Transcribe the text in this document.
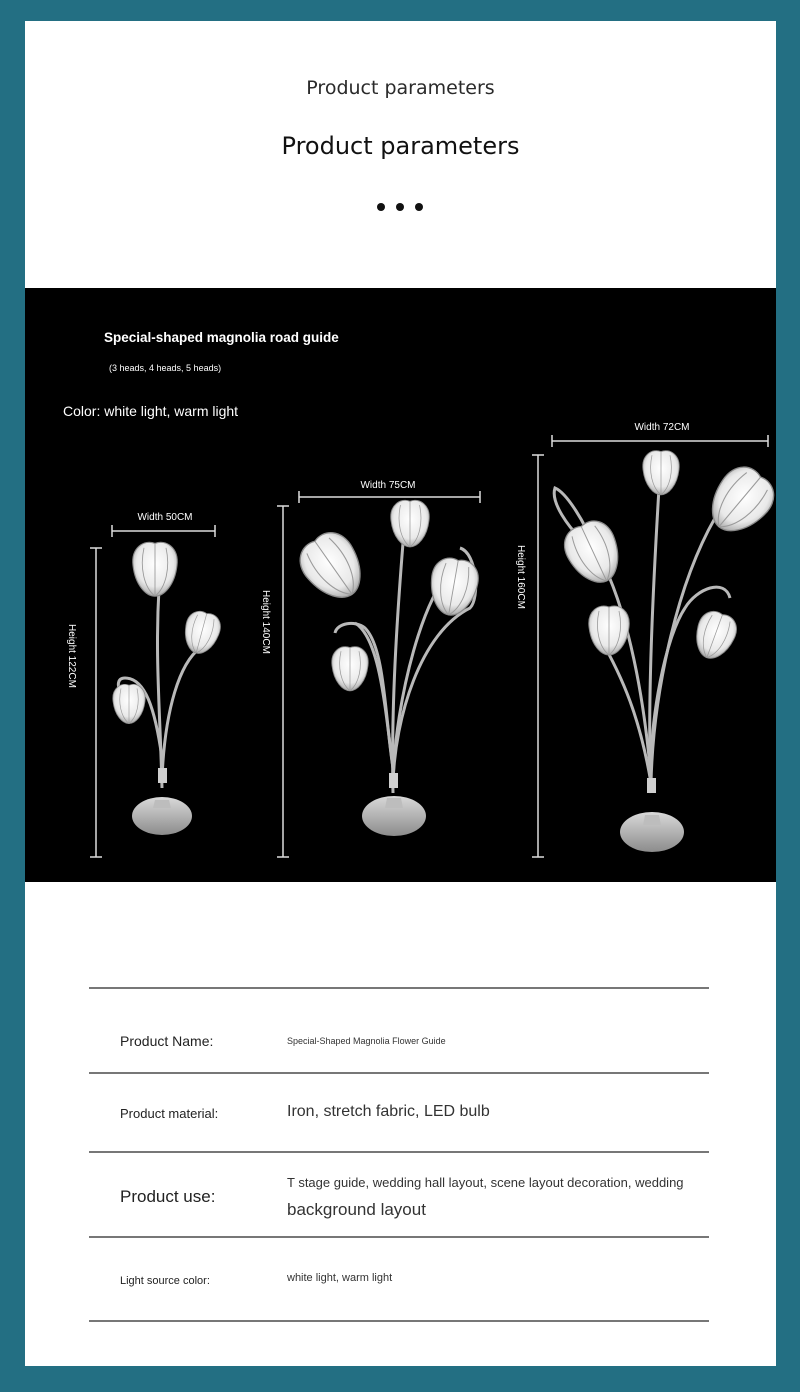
Product parameters
Product parameters
Width 50CM
Height 122CM
Width 75CM
Height 140CM
Width 72CM
Height 160CM
Special-shaped magnolia road guide
(3 heads, 4 heads, 5 heads)
Color: white light, warm light
Product Name:	Special-Shaped Magnolia Flower Guide
Product material:	Iron, stretch fabric, LED bulb
Product use:
T stage guide, wedding hall layout, scene layout decoration, wedding
background layout
Light source color:	white light, warm light
